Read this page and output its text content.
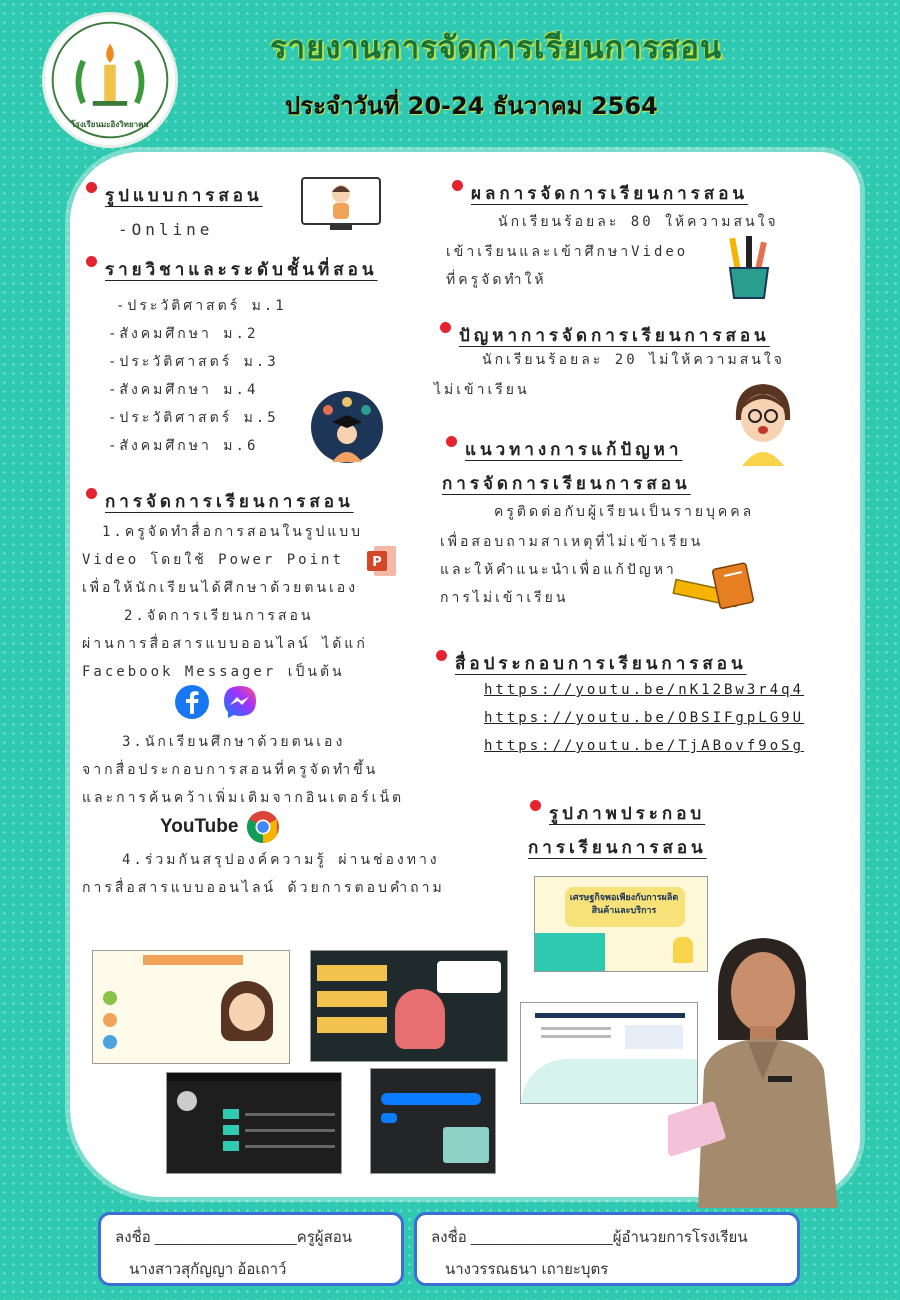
รายงานการจัดการเรียนการสอน
ประจำวันที่ 20-24 ธันวาคม 2564
รูปแบบการสอน
-Online
รายวิชาและระดับชั้นที่สอน
-ประวัติศาสตร์ ม.1
-สังคมศึกษา ม.2
-ประวัติศาสตร์ ม.3
-สังคมศึกษา ม.4
-ประวัติศาสตร์ ม.5
-สังคมศึกษา ม.6
การจัดการเรียนการสอน
1.ครูจัดทำสื่อการสอนในรูปแบบ
Video โดยใช้ Power Point
เพื่อให้นักเรียนได้ศึกษาด้วยตนเอง
P
2.จัดการเรียนการสอน
ผ่านการสื่อสารแบบออนไลน์ ได้แก่
Facebook Messager เป็นต้น
3.นักเรียนศึกษาด้วยตนเอง
จากสื่อประกอบการสอนที่ครูจัดทำขึ้น
และการค้นคว้าเพิ่มเติมจากอินเตอร์เน็ต
YouTube
4.ร่วมกันสรุปองค์ความรู้ ผ่านช่องทาง
การสื่อสารแบบออนไลน์ ด้วยการตอบคำถาม
ผลการจัดการเรียนการสอน
นักเรียนร้อยละ 80 ให้ความสนใจ
เข้าเรียนและเข้าศึกษาVideo
ที่ครูจัดทำให้
ปัญหาการจัดการเรียนการสอน
นักเรียนร้อยละ 20 ไม่ให้ความสนใจ
ไม่เข้าเรียน
แนวทางการแก้ปัญหา
การจัดการเรียนการสอน
ครูติดต่อกับผู้เรียนเป็นรายบุคคล
เพื่อสอบถามสาเหตุที่ไม่เข้าเรียน
และให้คำแนะนำเพื่อแก้ปัญหา
การไม่เข้าเรียน
สื่อประกอบการเรียนการสอน
https://youtu.be/nK12Bw3r4q4
https://youtu.be/OBSIFgpLG9U
https://youtu.be/TjABovf9oSg
รูปภาพประกอบ
การเรียนการสอน
เศรษฐกิจพอเพียงกับการผลิตสินค้าและบริการ
ลงชื่อ _________________ครูผู้สอน
นางสาวสุกัญญา อ้อเถาว์
ลงชื่อ _________________ผู้อำนวยการโรงเรียน
นางวรรณธนา เถายะบุตร
โรงเรียนมะอิงวิทยาคม
